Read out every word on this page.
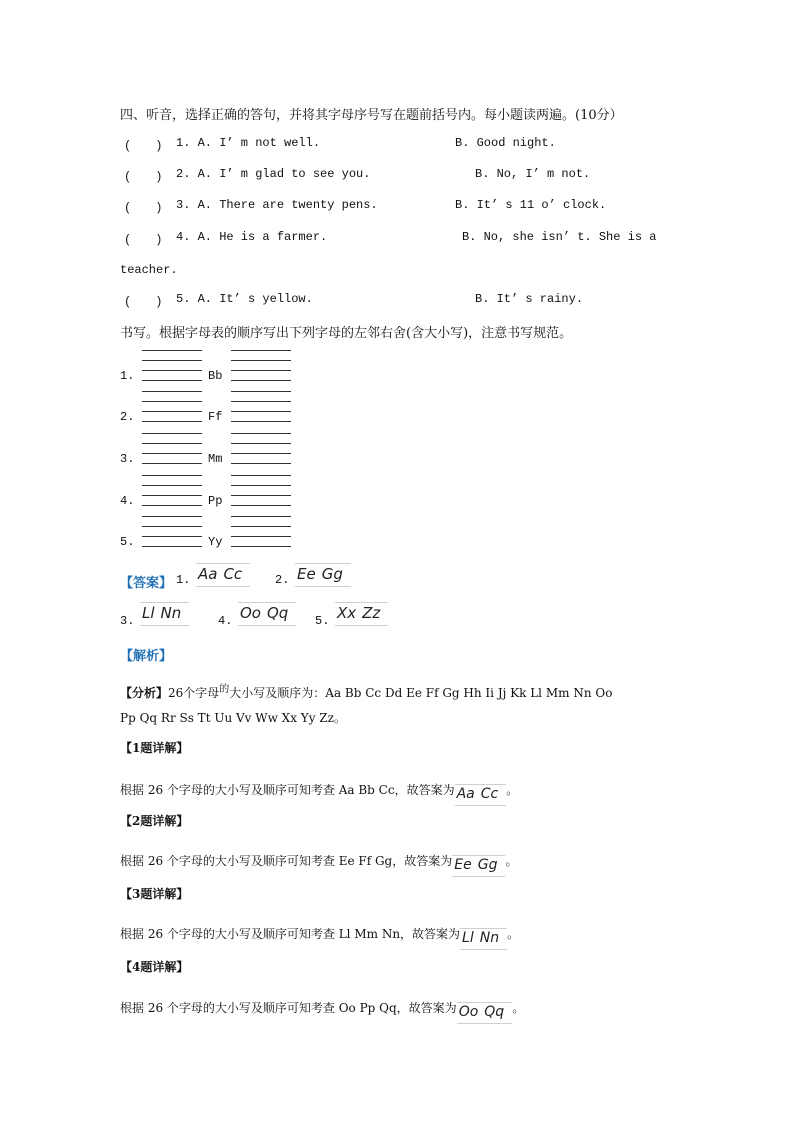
四、听音，选择正确的答句，并将其字母序号写在题前括号内。每小题读两遍。(10分）
(　　) 1. A. I’ m not well.	B. Good night.
(　　) 2. A. I’ m glad to see you.	B. No, I’ m not.
(　　) 3. A. There are twenty pens.	B. It’ s 11 o’ clock.
(　　) 4. A. He is a farmer.	B. No, she isn’ t. She is a
teacher.
(　　) 5. A. It’ s yellow.	B. It’ s rainy.
书写。根据字母表的顺序写出下列字母的左邻右舍(含大小写)，注意书写规范。
1.	Bb
2.	Ff
3.	Mm
4.	Pp
5.	Yy
【答案】 1. Aa Cc	2. Ee Gg
3. Ll Nn	4. Oo Qq	5. Xx Zz
【解析】
【分析】26个字母$^的$大小写及顺序为：Aa Bb Cc Dd Ee Ff Gg Hh Ii Jj Kk Ll Mm Nn Oo
Pp Qq Rr Ss Tt Uu Vv Ww Xx Yy Zz。
【1题详解】
根据 26 个字母的大小写及顺序可知考查 Aa Bb Cc，故答案为 Aa Cc 。
【2题详解】
根据 26 个字母的大小写及顺序可知考查 Ee Ff Gg，故答案为 Ee Gg 。
【3题详解】
根据 26 个字母的大小写及顺序可知考查 Ll Mm Nn，故答案为 Ll Nn 。
【4题详解】
根据 26 个字母的大小写及顺序可知考查 Oo Pp Qq，故答案为 Oo Qq 。
